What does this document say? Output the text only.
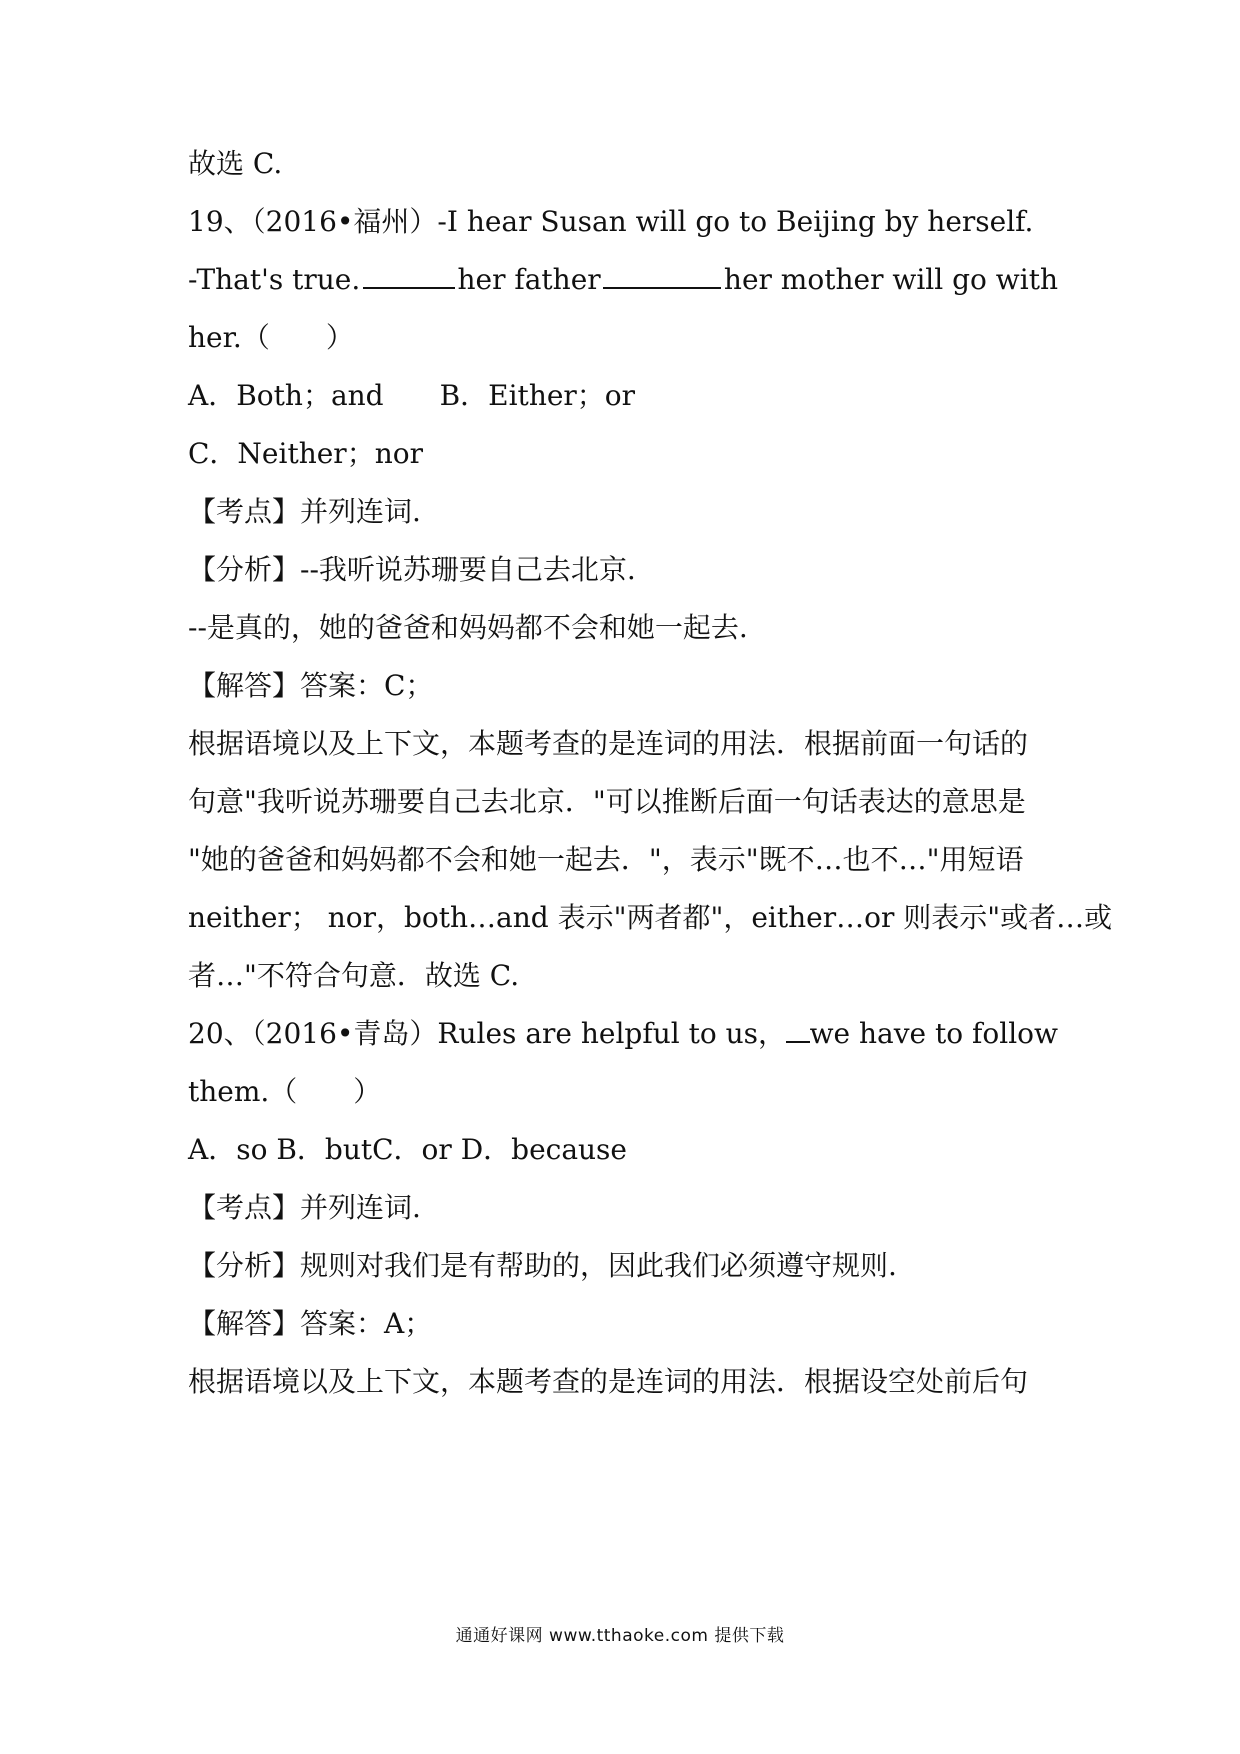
故选 C.
19、（2016•福州）-I hear Susan will go to Beijing by herself.
-That's true.	her father	her mother will go with
her.（　　）
A．Both；and　　B．Either；or
C．Neither；nor
【考点】并列连词.
【分析】--我听说苏珊要自己去北京.
--是真的，她的爸爸和妈妈都不会和她一起去.
【解答】答案：C；
根据语境以及上下文，本题考查的是连词的用法．根据前面一句话的
句意"我听说苏珊要自己去北京．"可以推断后面一句话表达的意思是
"她的爸爸和妈妈都不会和她一起去．"，表示"既不…也不…"用短语
neither； nor，both…and 表示"两者都"，either…or 则表示"或者…或
者…"不符合句意．故选 C.
20、（2016•青岛）Rules are helpful to us， we have to follow
them.（　　）
A．so B．butC．or D．because
【考点】并列连词.
【分析】规则对我们是有帮助的，因此我们必须遵守规则.
【解答】答案：A；
根据语境以及上下文，本题考查的是连词的用法．根据设空处前后句
通通好课网 www.tthaoke.com 提供下载
